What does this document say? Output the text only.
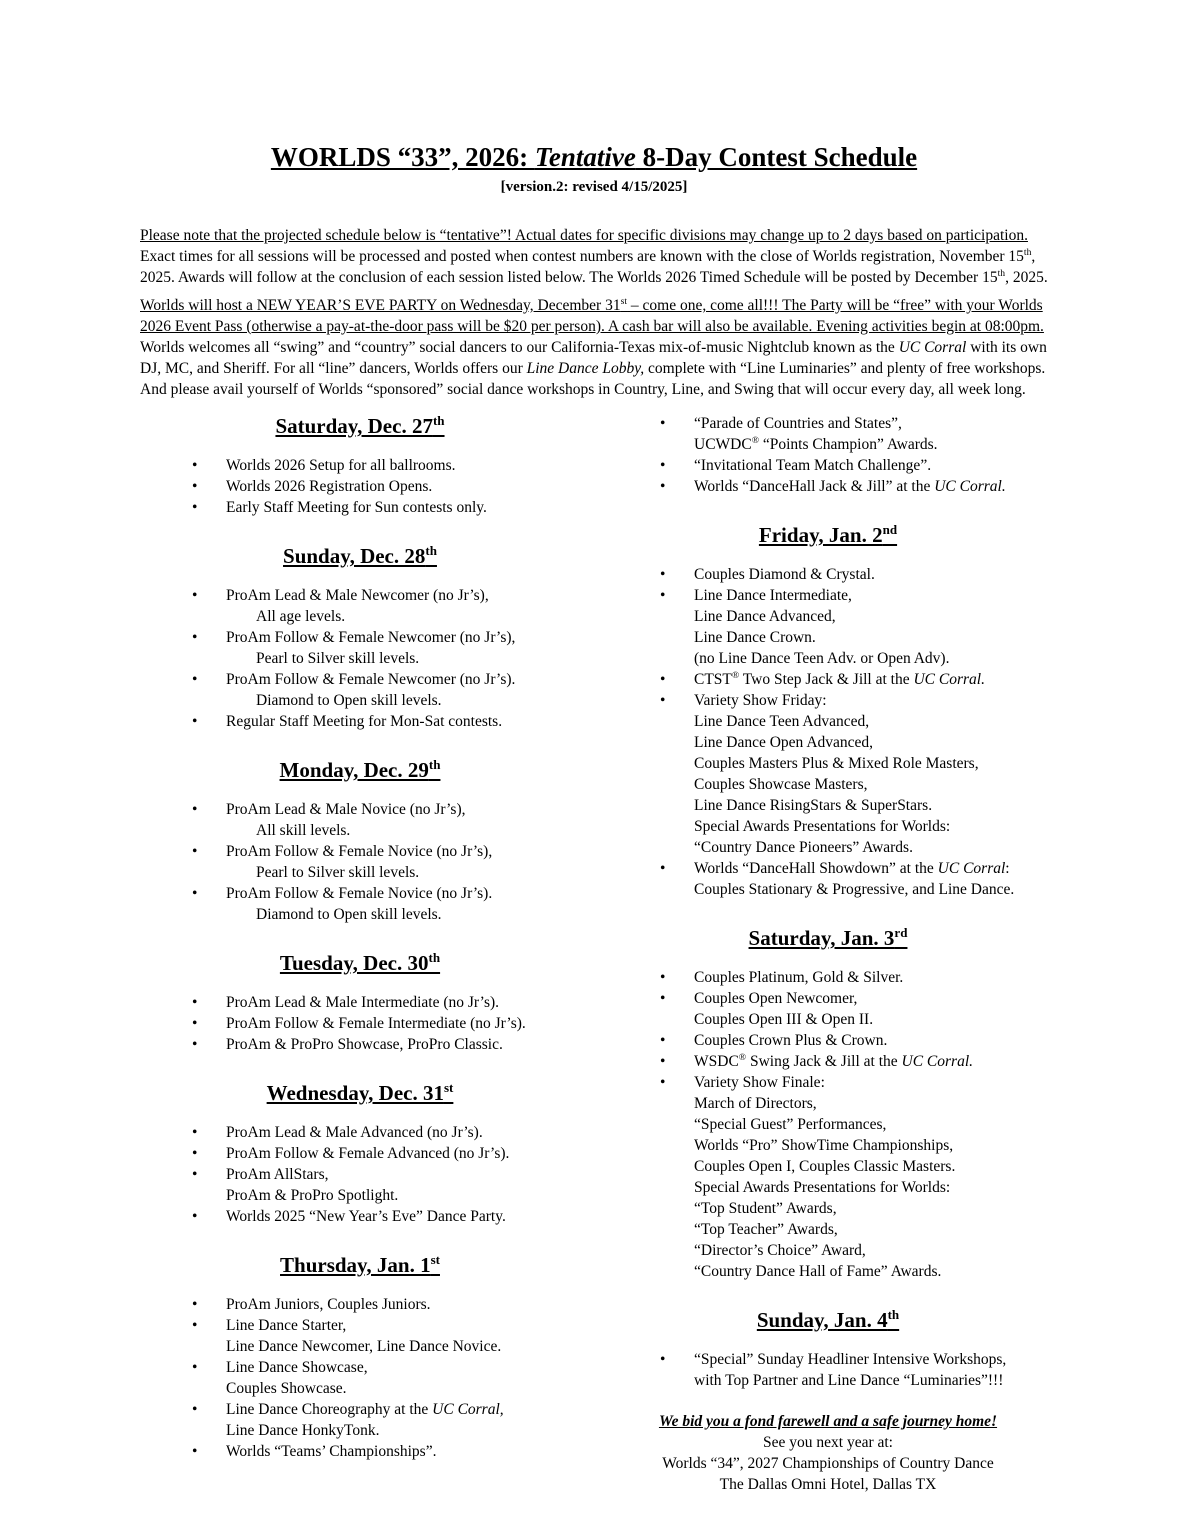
WORLDS “33”, 2026: Tentative 8-Day Contest Schedule
[version.2: revised 4/15/2025]

Please note that the projected schedule below is “tentative”! Actual dates for specific divisions may change up to 2 days based on participation. Exact times for all sessions will be processed and posted when contest numbers are known with the close of Worlds registration, November 15th, 2025. Awards will follow at the conclusion of each session listed below. The Worlds 2026 Timed Schedule will be posted by December 15th, 2025.

Worlds will host a NEW YEAR’S EVE PARTY on Wednesday, December 31st – come one, come all!!! The Party will be “free” with your Worlds 2026 Event Pass (otherwise a pay-at-the-door pass will be $20 per person). A cash bar will also be available. Evening activities begin at 08:00pm. Worlds welcomes all “swing” and “country” social dancers to our California-Texas mix-of-music Nightclub known as the UC Corral with its own DJ, MC, and Sheriff. For all “line” dancers, Worlds offers our Line Dance Lobby, complete with “Line Luminaries” and plenty of free workshops. And please avail yourself of Worlds “sponsored” social dance workshops in Country, Line, and Swing that will occur every day, all week long.

Saturday, Dec. 27th
• Worlds 2026 Setup for all ballrooms.
• Worlds 2026 Registration Opens.
• Early Staff Meeting for Sun contests only.
Sunday, Dec. 28th
• ProAm Lead & Male Newcomer (no Jr’s),
All age levels.
• ProAm Follow & Female Newcomer (no Jr’s),
Pearl to Silver skill levels.
• ProAm Follow & Female Newcomer (no Jr’s).
Diamond to Open skill levels.
• Regular Staff Meeting for Mon-Sat contests.
Monday, Dec. 29th
• ProAm Lead & Male Novice (no Jr’s),
All skill levels.
• ProAm Follow & Female Novice (no Jr’s),
Pearl to Silver skill levels.
• ProAm Follow & Female Novice (no Jr’s).
Diamond to Open skill levels.
Tuesday, Dec. 30th
• ProAm Lead & Male Intermediate (no Jr’s).
• ProAm Follow & Female Intermediate (no Jr’s).
• ProAm & ProPro Showcase, ProPro Classic.
Wednesday, Dec. 31st
• ProAm Lead & Male Advanced (no Jr’s).
• ProAm Follow & Female Advanced (no Jr’s).
• ProAm AllStars,
ProAm & ProPro Spotlight.
• Worlds 2025 “New Year’s Eve” Dance Party.
Thursday, Jan. 1st
• ProAm Juniors, Couples Juniors.
• Line Dance Starter,
Line Dance Newcomer, Line Dance Novice.
• Line Dance Showcase,
Couples Showcase.
• Line Dance Choreography at the UC Corral,
Line Dance HonkyTonk.
• Worlds “Teams’ Championships”.
• “Parade of Countries and States”,
UCWDC® “Points Champion” Awards.
• “Invitational Team Match Challenge”.
• Worlds “DanceHall Jack & Jill” at the UC Corral.
Friday, Jan. 2nd
• Couples Diamond & Crystal.
• Line Dance Intermediate,
Line Dance Advanced,
Line Dance Crown.
(no Line Dance Teen Adv. or Open Adv).
• CTST® Two Step Jack & Jill at the UC Corral.
• Variety Show Friday:
Line Dance Teen Advanced,
Line Dance Open Advanced,
Couples Masters Plus & Mixed Role Masters,
Couples Showcase Masters,
Line Dance RisingStars & SuperStars.
Special Awards Presentations for Worlds:
“Country Dance Pioneers” Awards.
• Worlds “DanceHall Showdown” at the UC Corral:
Couples Stationary & Progressive, and Line Dance.
Saturday, Jan. 3rd
• Couples Platinum, Gold & Silver.
• Couples Open Newcomer,
Couples Open III & Open II.
• Couples Crown Plus & Crown.
• WSDC® Swing Jack & Jill at the UC Corral.
• Variety Show Finale:
March of Directors,
“Special Guest” Performances,
Worlds “Pro” ShowTime Championships,
Couples Open I, Couples Classic Masters.
Special Awards Presentations for Worlds:
“Top Student” Awards,
“Top Teacher” Awards,
“Director’s Choice” Award,
“Country Dance Hall of Fame” Awards.
Sunday, Jan. 4th
• “Special” Sunday Headliner Intensive Workshops,
with Top Partner and Line Dance “Luminaries”!!!
We bid you a fond farewell and a safe journey home!
See you next year at:
Worlds “34”, 2027 Championships of Country Dance
The Dallas Omni Hotel, Dallas TX
